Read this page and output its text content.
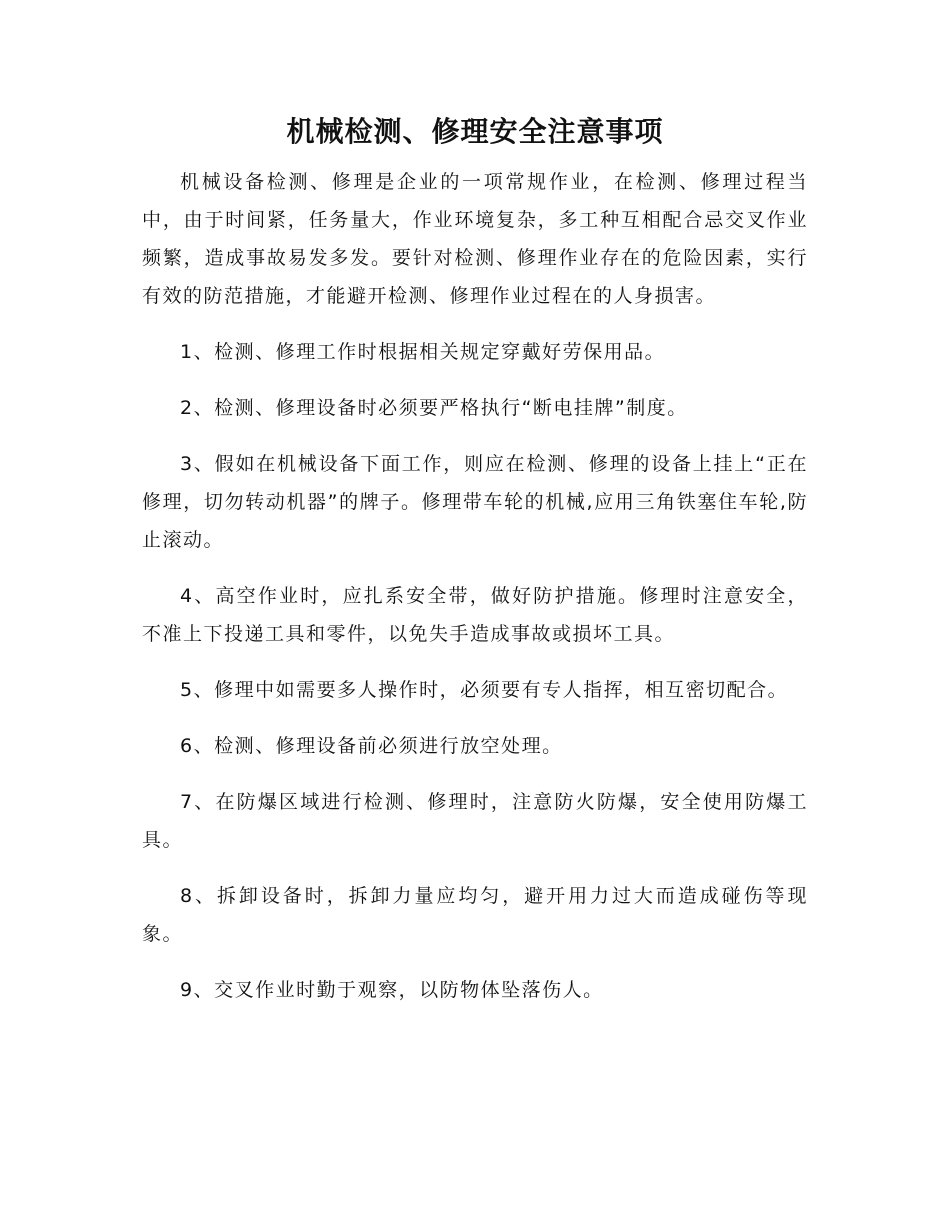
机械检测、修理安全注意事项

机械设备检测、修理是企业的一项常规作业，在检测、修理过程当中，由于时间紧，任务量大，作业环境复杂，多工种互相配合忌交叉作业频繁，造成事故易发多发。要针对检测、修理作业存在的危险因素，实行有效的防范措施，才能避开检测、修理作业过程在的人身损害。

1、检测、修理工作时根据相关规定穿戴好劳保用品。

2、检测、修理设备时必须要严格执行“断电挂牌”制度。

3、假如在机械设备下面工作，则应在检测、修理的设备上挂上“正在修理，切勿转动机器”的牌子。修理带车轮的机械,应用三角铁塞住车轮,防止滚动。

4、高空作业时，应扎系安全带，做好防护措施。修理时注意安全，不准上下投递工具和零件，以免失手造成事故或损坏工具。

5、修理中如需要多人操作时，必须要有专人指挥，相互密切配合。

6、检测、修理设备前必须进行放空处理。

7、在防爆区域进行检测、修理时，注意防火防爆，安全使用防爆工具。

8、拆卸设备时，拆卸力量应均匀，避开用力过大而造成碰伤等现象。

9、交叉作业时勤于观察，以防物体坠落伤人。
